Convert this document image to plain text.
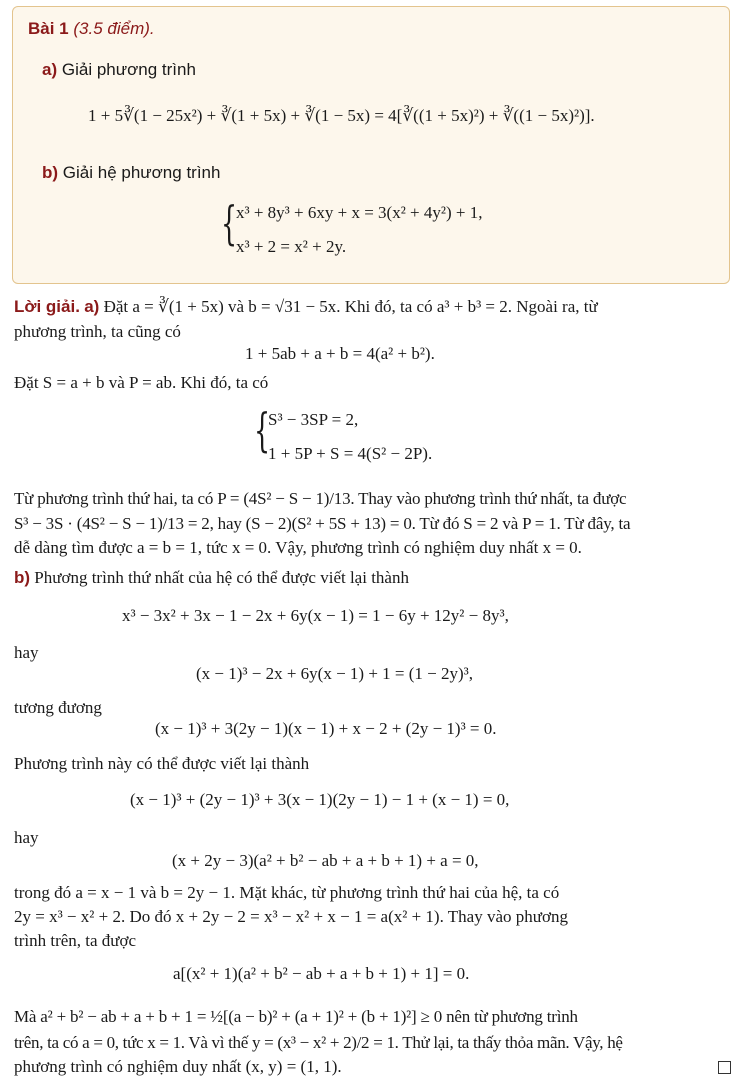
Bài 1 (3.5 điểm).
a) Giải phương trình
1 + 5∛(1 − 25x²) + ∛(1 + 5x) + ∛(1 − 5x) = 4[∛((1 + 5x)²) + ∛((1 − 5x)²)].
b) Giải hệ phương trình
{
x³ + 8y³ + 6xy + x = 3(x² + 4y²) + 1,
x³ + 2 = x² + 2y.
Lời giải. a) Đặt a = ∛(1 + 5x) và b = √31 − 5x. Khi đó, ta có a³ + b³ = 2. Ngoài ra, từ
phương trình, ta cũng có
1 + 5ab + a + b = 4(a² + b²).
Đặt S = a + b và P = ab. Khi đó, ta có
{
S³ − 3SP = 2,
1 + 5P + S = 4(S² − 2P).
Từ phương trình thứ hai, ta có P = (4S² − S − 1)/13. Thay vào phương trình thứ nhất, ta được
S³ − 3S · (4S² − S − 1)/13 = 2, hay (S − 2)(S² + 5S + 13) = 0. Từ đó S = 2 và P = 1. Từ đây, ta
dễ dàng tìm được a = b = 1, tức x = 0. Vậy, phương trình có nghiệm duy nhất x = 0.
b) Phương trình thứ nhất của hệ có thể được viết lại thành
x³ − 3x² + 3x − 1 − 2x + 6y(x − 1) = 1 − 6y + 12y² − 8y³,
hay
(x − 1)³ − 2x + 6y(x − 1) + 1 = (1 − 2y)³,
tương đương
(x − 1)³ + 3(2y − 1)(x − 1) + x − 2 + (2y − 1)³ = 0.
Phương trình này có thể được viết lại thành
(x − 1)³ + (2y − 1)³ + 3(x − 1)(2y − 1) − 1 + (x − 1) = 0,
hay
(x + 2y − 3)(a² + b² − ab + a + b + 1) + a = 0,
trong đó a = x − 1 và b = 2y − 1. Mặt khác, từ phương trình thứ hai của hệ, ta có
2y = x³ − x² + 2. Do đó x + 2y − 2 = x³ − x² + x − 1 = a(x² + 1). Thay vào phương
trình trên, ta được
a[(x² + 1)(a² + b² − ab + a + b + 1) + 1] = 0.
Mà a² + b² − ab + a + b + 1 = ½[(a − b)² + (a + 1)² + (b + 1)²] ≥ 0 nên từ phương trình
trên, ta có a = 0, tức x = 1. Và vì thế y = (x³ − x² + 2)/2 = 1. Thử lại, ta thấy thỏa mãn. Vậy, hệ
phương trình có nghiệm duy nhất (x, y) = (1, 1).
